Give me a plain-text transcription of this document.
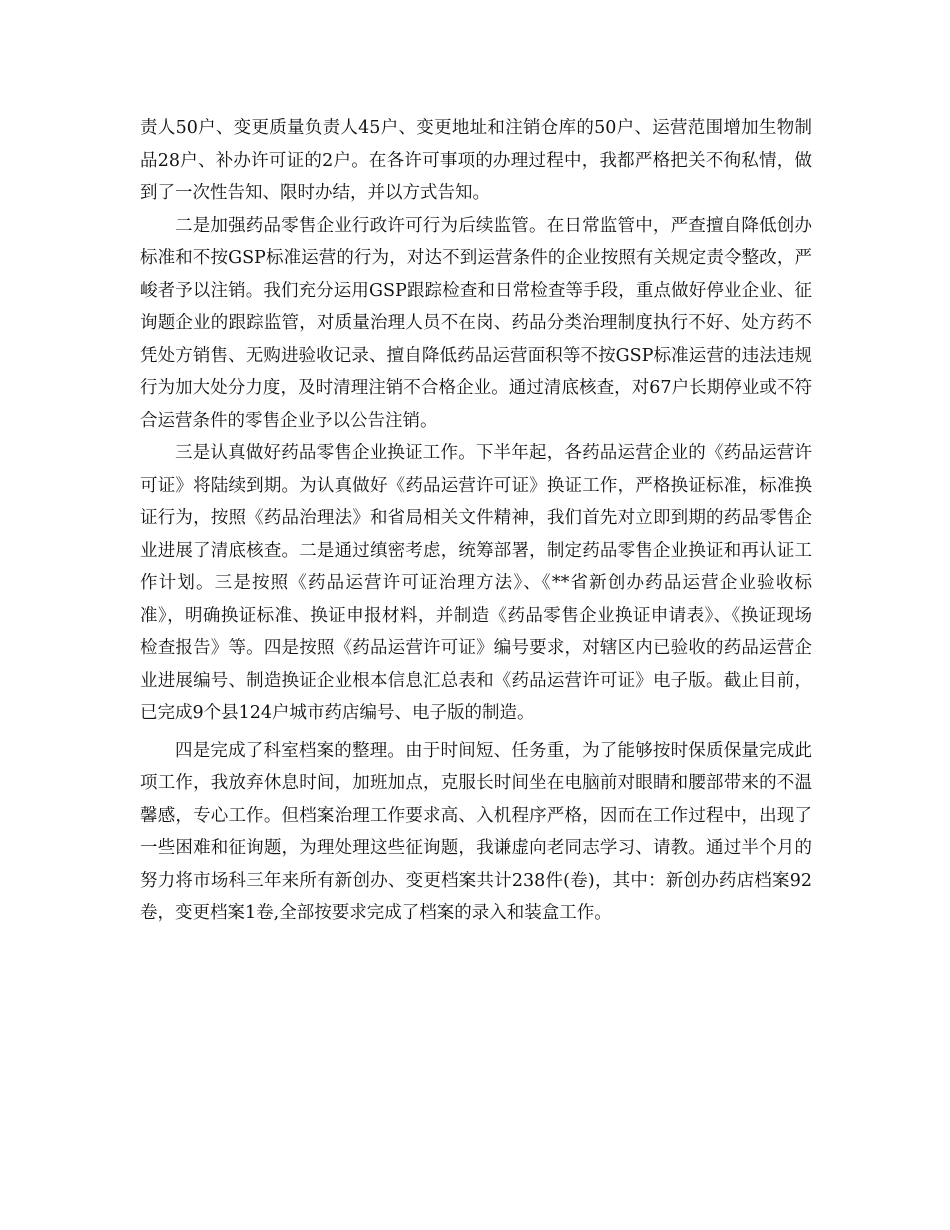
责人50户、变更质量负责人45户、变更地址和注销仓库的50户、运营范围增加生物制品28户、补办许可证的2户。在各许可事项的办理过程中，我都严格把关不徇私情，做到了一次性告知、限时办结，并以方式告知。

二是加强药品零售企业行政许可行为后续监管。在日常监管中，严查擅自降低创办标准和不按GSP标准运营的行为，对达不到运营条件的企业按照有关规定责令整改，严峻者予以注销。我们充分运用GSP跟踪检查和日常检查等手段，重点做好停业企业、征询题企业的跟踪监管，对质量治理人员不在岗、药品分类治理制度执行不好、处方药不凭处方销售、无购进验收记录、擅自降低药品运营面积等不按GSP标准运营的违法违规行为加大处分力度，及时清理注销不合格企业。通过清底核查，对67户长期停业或不符合运营条件的零售企业予以公告注销。

三是认真做好药品零售企业换证工作。下半年起，各药品运营企业的《药品运营许可证》将陆续到期。为认真做好《药品运营许可证》换证工作，严格换证标准，标准换证行为，按照《药品治理法》和省局相关文件精神，我们首先对立即到期的药品零售企业进展了清底核查。二是通过缜密考虑，统筹部署，制定药品零售企业换证和再认证工作计划。三是按照《药品运营许可证治理方法》、《**省新创办药品运营企业验收标准》，明确换证标准、换证申报材料，并制造《药品零售企业换证申请表》、《换证现场检查报告》等。四是按照《药品运营许可证》编号要求，对辖区内已验收的药品运营企业进展编号、制造换证企业根本信息汇总表和《药品运营许可证》电子版。截止目前，已完成9个县124户城市药店编号、电子版的制造。

四是完成了科室档案的整理。由于时间短、任务重，为了能够按时保质保量完成此项工作，我放弃休息时间，加班加点，克服长时间坐在电脑前对眼睛和腰部带来的不温馨感，专心工作。但档案治理工作要求高、入机程序严格，因而在工作过程中，出现了一些困难和征询题，为理处理这些征询题，我谦虚向老同志学习、请教。通过半个月的努力将市场科三年来所有新创办、变更档案共计238件(卷)，其中：新创办药店档案92卷，变更档案1卷,全部按要求完成了档案的录入和装盒工作。
